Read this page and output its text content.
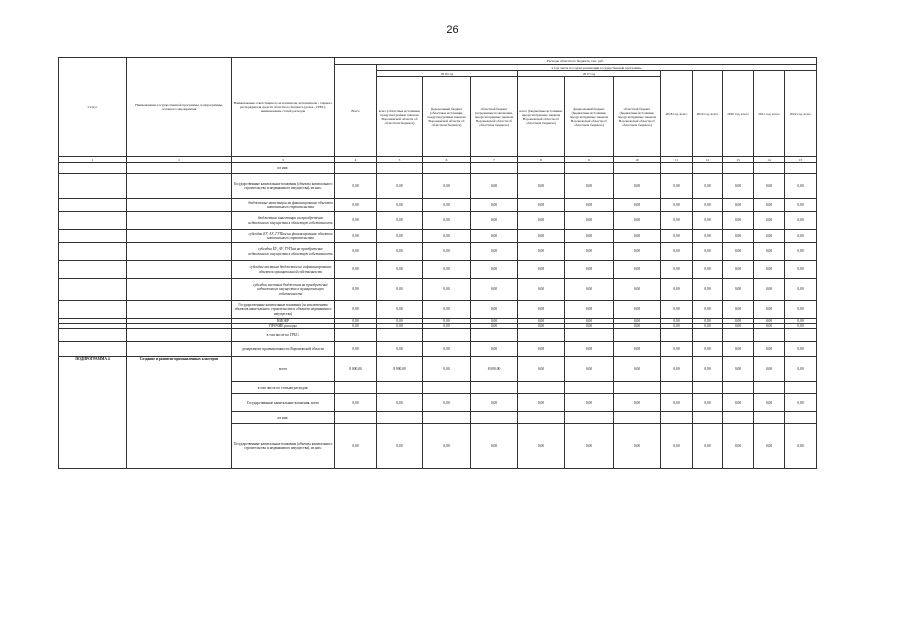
26
Статус	Наименование государственной программы, подпрограммы, основного мероприятия	Наименование ответственного исполнителя, исполнителя - главного распорядителя средств областного бюджета (далее - ГРБС), наименование статей расходов	Расходы областного бюджета, тыс. руб.											
			Всего	в том числе по годам реализации государственной программы										
				2016 год			2017 год			2018 год, всего	2019 год, всего	2020 год, всего	2021 год, всего	2022 год, всего
				всего (областные источники, предусмотренные законом Воронежской области об областном бюджете)	федеральный бюджет (областные источники, предусмотренные законом Воронежской области об областном бюджете)	областной бюджет (переданные полномочия, предусмотренные законом Воронежской области об областном бюджете)	всего (бюджетные источники, предусмотренные законом Воронежской области об областном бюджете)	федеральный бюджет (бюджетные источники, предусмотренные законом Воронежской области об областном бюджете)	областной бюджет (бюджетные источники, предусмотренные законом Воронежской области об областном бюджете)					
1	2	3	4	5	6	7	8	9	10	11	12	13	14	15
		из них:												
		Государственные капитальные вложения (объекты капитального строительства и недвижимого имущества), из них:	0,00	0,00	0,00	0,00	0,00	0,00	0,00	0,00	0,00	0,00	0,00	0,00
		бюджетные инвестиции на финансирование объектов капитального строительства	0,00	0,00	0,00	0,00	0,00	0,00	0,00	0,00	0,00	0,00	0,00	0,00
		бюджетные инвестиции на приобретение недвижимого имущества в областную собственность	0,00	0,00	0,00	0,00	0,00	0,00	0,00	0,00	0,00	0,00	0,00	0,00
		субсидии БУ, АУ, ГУПам на финансирование объектов капитального строительства	0,00	0,00	0,00	0,00	0,00	0,00	0,00	0,00	0,00	0,00	0,00	0,00
		субсидии БУ, АУ, ГУПам на приобретение недвижимого имущества в областную собственность	0,00	0,00	0,00	0,00	0,00	0,00	0,00	0,00	0,00	0,00	0,00	0,00
		субсидии местным бюджетам на софинансирование объектов муниципальной собственности	0,00	0,00	0,00	0,00	0,00	0,00	0,00	0,00	0,00	0,00	0,00	0,00
		субсидии местным бюджетам на приобретение недвижимого имущества в муниципальную собственность	0,00	0,00	0,00	0,00	0,00	0,00	0,00	0,00	0,00	0,00	0,00	0,00
		Государственные капитальные вложения (за исключением объектов капитального строительства и объектов недвижимого имущества)	0,00	0,00	0,00	0,00	0,00	0,00	0,00	0,00	0,00	0,00	0,00	0,00
		НИОКР	0,00	0,00	0,00	0,00	0,00	0,00	0,00	0,00	0,00	0,00	0,00	0,00
		ПРОЧИЕ расходы	0,00	0,00	0,00	0,00	0,00	0,00	0,00	0,00	0,00	0,00	0,00	0,00
		в том числе по ГРБС:												
		департамент промышленности Воронежской области	0,00	0,00	0,00	0,00	0,00	0,00	0,00	0,00	0,00	0,00	0,00	0,00
ПОДПРОГРАММА 4	Создание и развитие промышленных кластеров	всего	8 000,00	8 000,00	0,00	8 000,00	0,00	0,00	0,00	0,00	0,00	0,00	0,00	0,00
		в том числе по статьям расходов:												
		Государственные капитальные вложения, всего	0,00	0,00	0,00	0,00	0,00	0,00	0,00	0,00	0,00	0,00	0,00	0,00
		из них:												
		Государственные капитальные вложения (объекты капитального строительства и недвижимого имущества), из них:	0,00	0,00	0,00	0,00	0,00	0,00	0,00	0,00	0,00	0,00	0,00	0,00
